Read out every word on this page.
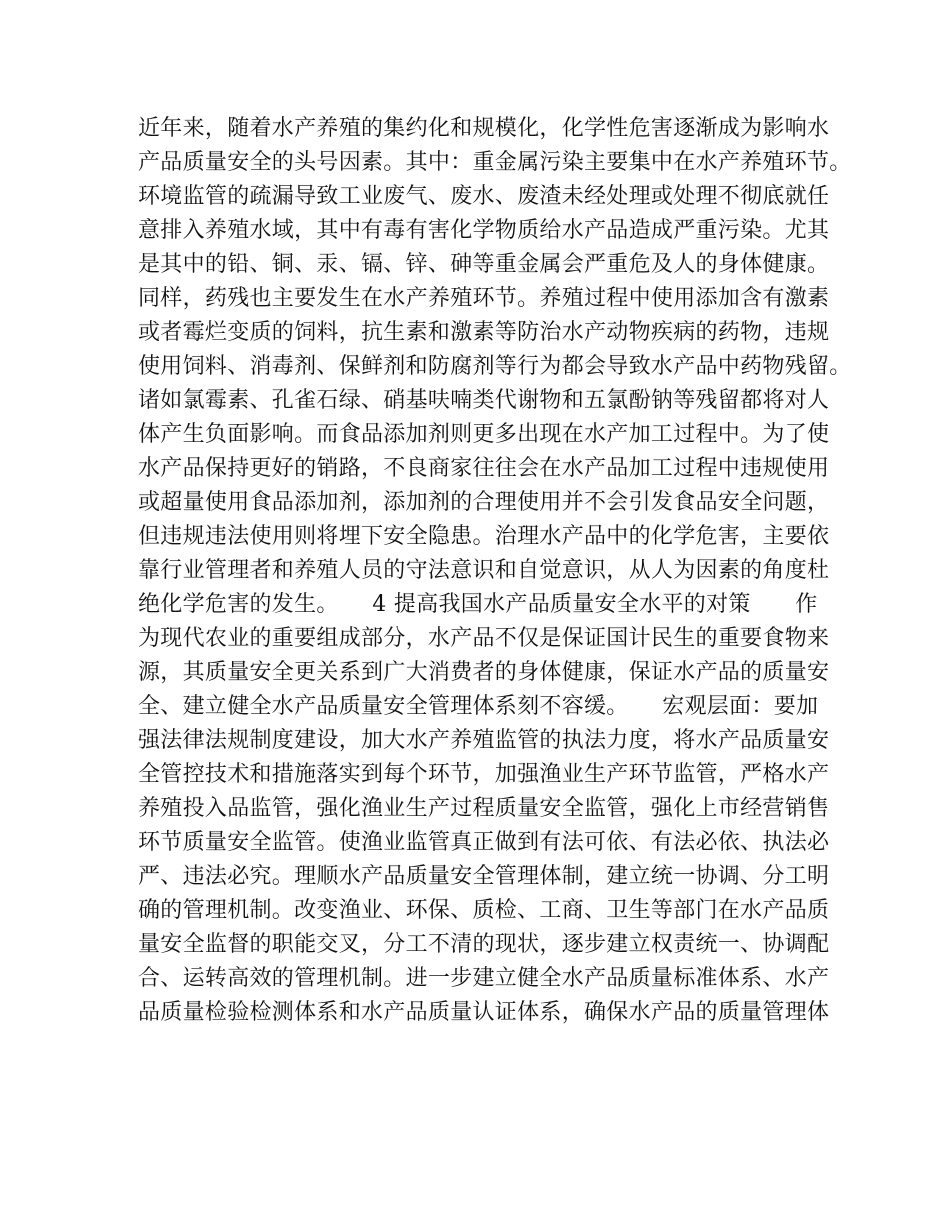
近年来，随着水产养殖的集约化和规模化，化学性危害逐渐成为影响水
产品质量安全的头号因素。其中：重金属污染主要集中在水产养殖环节。
环境监管的疏漏导致工业废气、废水、废渣未经处理或处理不彻底就任
意排入养殖水域，其中有毒有害化学物质给水产品造成严重污染。尤其
是其中的铅、铜、汞、镉、锌、砷等重金属会严重危及人的身体健康。
同样，药残也主要发生在水产养殖环节。养殖过程中使用添加含有激素
或者霉烂变质的饲料，抗生素和激素等防治水产动物疾病的药物，违规
使用饲料、消毒剂、保鲜剂和防腐剂等行为都会导致水产品中药物残留。
诸如氯霉素、孔雀石绿、硝基呋喃类代谢物和五氯酚钠等残留都将对人
体产生负面影响。而食品添加剂则更多出现在水产加工过程中。为了使
水产品保持更好的销路，不良商家往往会在水产品加工过程中违规使用
或超量使用食品添加剂，添加剂的合理使用并不会引发食品安全问题，
但违规违法使用则将埋下安全隐患。治理水产品中的化学危害，主要依
靠行业管理者和养殖人员的守法意识和自觉意识，从人为因素的角度杜
绝化学危害的发生。　　4 提高我国水产品质量安全水平的对策　　作
为现代农业的重要组成部分，水产品不仅是保证国计民生的重要食物来
源，其质量安全更关系到广大消费者的身体健康，保证水产品的质量安
全、建立健全水产品质量安全管理体系刻不容缓。　　宏观层面：要加
强法律法规制度建设，加大水产养殖监管的执法力度，将水产品质量安
全管控技术和措施落实到每个环节，加强渔业生产环节监管，严格水产
养殖投入品监管，强化渔业生产过程质量安全监管，强化上市经营销售
环节质量安全监管。使渔业监管真正做到有法可依、有法必依、执法必
严、违法必究。理顺水产品质量安全管理体制，建立统一协调、分工明
确的管理机制。改变渔业、环保、质检、工商、卫生等部门在水产品质
量安全监督的职能交叉，分工不清的现状，逐步建立权责统一、协调配
合、运转高效的管理机制。进一步建立健全水产品质量标准体系、水产
品质量检验检测体系和水产品质量认证体系，确保水产品的质量管理体
